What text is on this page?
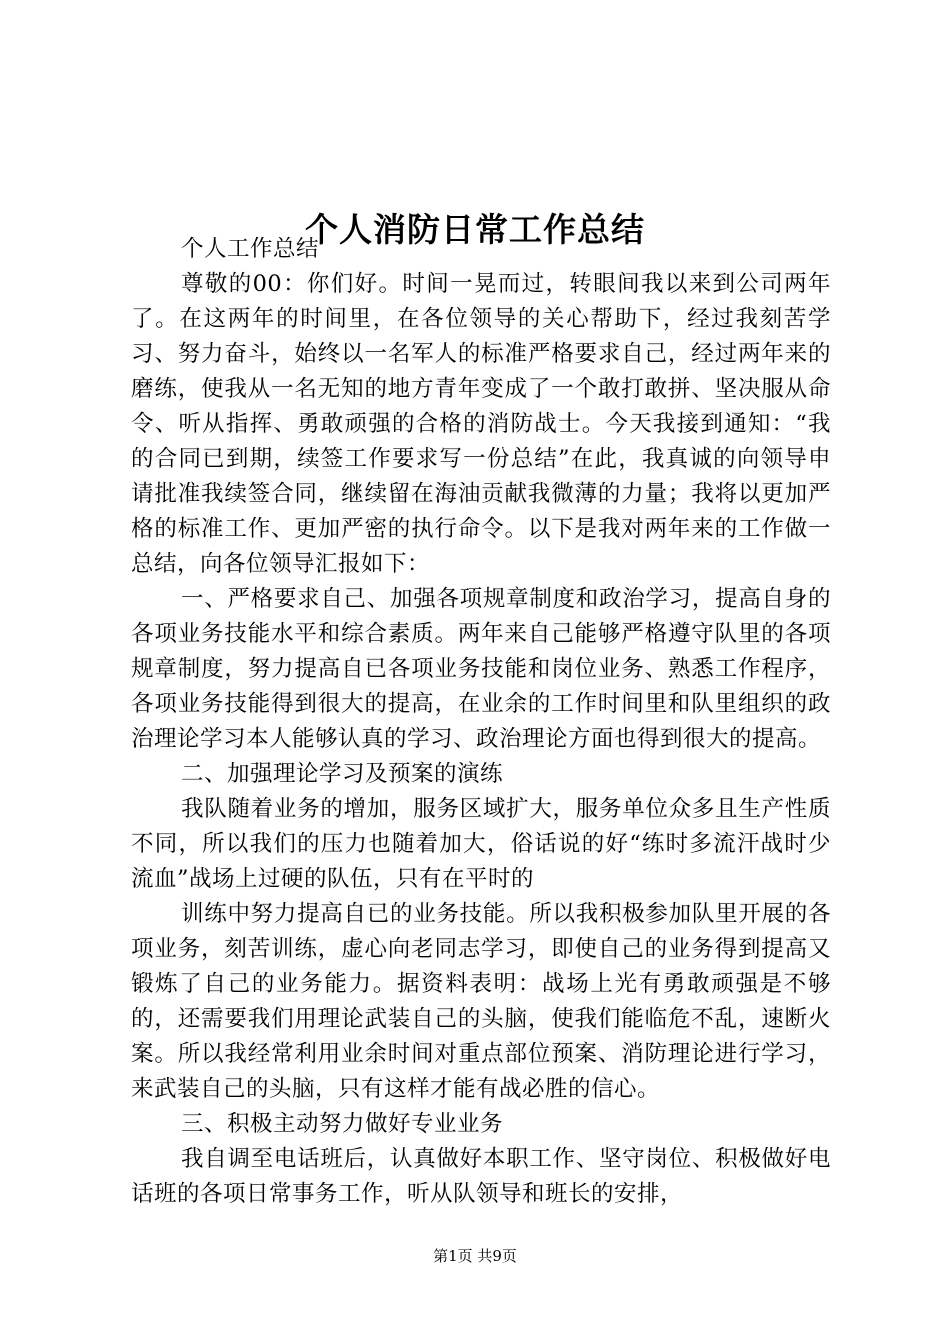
个人消防日常工作总结

个人工作总结

尊敬的00：你们好。时间一晃而过，转眼间我以来到公司两年了。在这两年的时间里，在各位领导的关心帮助下，经过我刻苦学习、努力奋斗，始终以一名军人的标准严格要求自己，经过两年来的磨练，使我从一名无知的地方青年变成了一个敢打敢拼、坚决服从命令、听从指挥、勇敢顽强的合格的消防战士。今天我接到通知：“我的合同已到期，续签工作要求写一份总结”在此，我真诚的向领导申请批准我续签合同，继续留在海油贡献我微薄的力量；我将以更加严格的标准工作、更加严密的执行命令。以下是我对两年来的工作做一总结，向各位领导汇报如下：

一、严格要求自己、加强各项规章制度和政治学习，提高自身的各项业务技能水平和综合素质。两年来自己能够严格遵守队里的各项规章制度，努力提高自已各项业务技能和岗位业务、熟悉工作程序，各项业务技能得到很大的提高，在业余的工作时间里和队里组织的政治理论学习本人能够认真的学习、政治理论方面也得到很大的提高。

二、加强理论学习及预案的演练

我队随着业务的增加，服务区域扩大，服务单位众多且生产性质不同，所以我们的压力也随着加大，俗话说的好“练时多流汗战时少流血”战场上过硬的队伍，只有在平时的

训练中努力提高自已的业务技能。所以我积极参加队里开展的各项业务，刻苦训练，虚心向老同志学习，即使自己的业务得到提高又锻炼了自己的业务能力。据资料表明：战场上光有勇敢顽强是不够的，还需要我们用理论武装自己的头脑，使我们能临危不乱，速断火案。所以我经常利用业余时间对重点部位预案、消防理论进行学习，来武装自己的头脑，只有这样才能有战必胜的信心。

三、积极主动努力做好专业业务

我自调至电话班后，认真做好本职工作、坚守岗位、积极做好电话班的各项日常事务工作，听从队领导和班长的安排，

第1页 共9页
